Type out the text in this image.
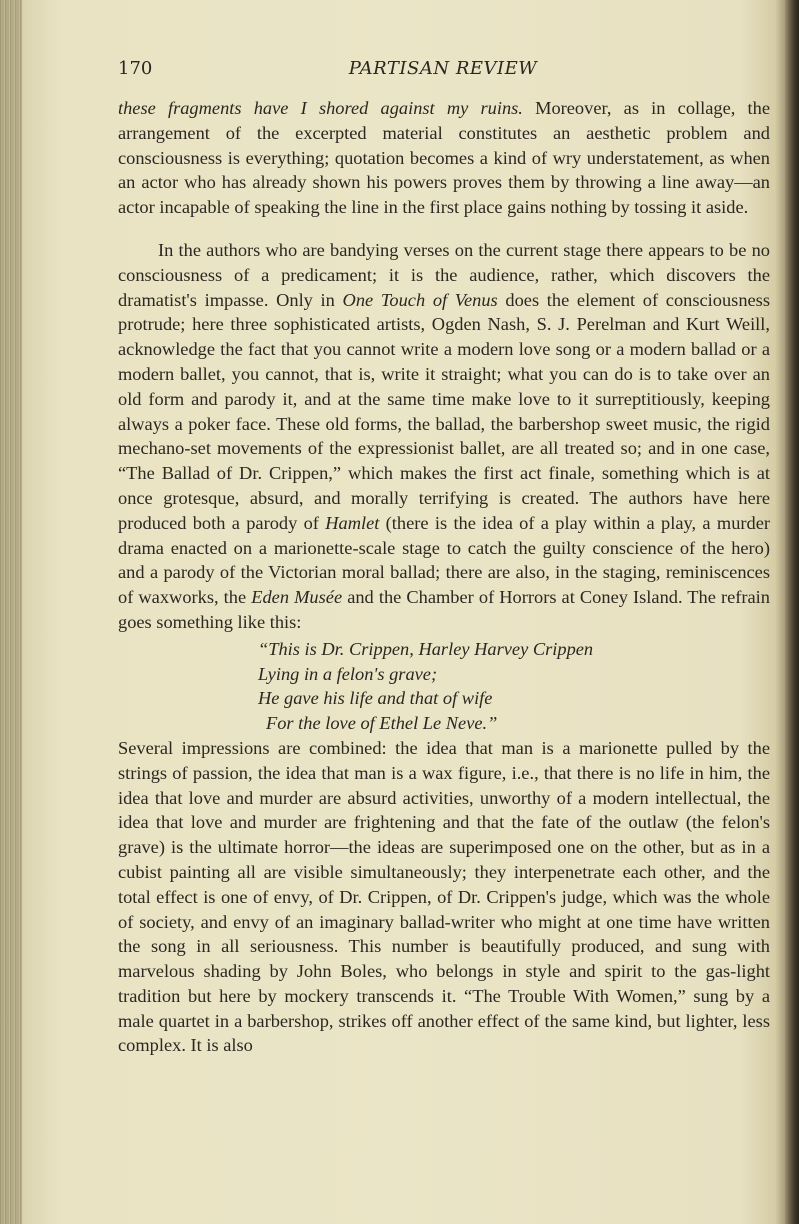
170	PARTISAN REVIEW

these fragments have I shored against my ruins. Moreover, as in collage, the arrangement of the excerpted material constitutes an aesthetic problem and consciousness is everything; quotation becomes a kind of wry understatement, as when an actor who has already shown his powers proves them by throwing a line away—an actor incapable of speaking the line in the first place gains nothing by tossing it aside.

In the authors who are bandying verses on the current stage there appears to be no consciousness of a predicament; it is the audience, rather, which discovers the dramatist's impasse. Only in One Touch of Venus does the element of consciousness protrude; here three sophisticated artists, Ogden Nash, S. J. Perelman and Kurt Weill, acknowledge the fact that you cannot write a modern love song or a modern ballad or a modern ballet, you cannot, that is, write it straight; what you can do is to take over an old form and parody it, and at the same time make love to it surreptitiously, keeping always a poker face. These old forms, the ballad, the barbershop sweet music, the rigid mechano-set movements of the expressionist ballet, are all treated so; and in one case, “The Ballad of Dr. Crippen,” which makes the first act finale, something which is at once grotesque, absurd, and morally terrifying is created. The authors have here produced both a parody of Hamlet (there is the idea of a play within a play, a murder drama enacted on a marionette-scale stage to catch the guilty conscience of the hero) and a parody of the Victorian moral ballad; there are also, in the staging, reminiscences of waxworks, the Eden Musée and the Chamber of Horrors at Coney Island. The refrain goes something like this:

“This is Dr. Crippen, Harley Harvey Crippen
Lying in a felon's grave;
He gave his life and that of wife
For the love of Ethel Le Neve.”

Several impressions are combined: the idea that man is a marionette pulled by the strings of passion, the idea that man is a wax figure, i.e., that there is no life in him, the idea that love and murder are absurd activities, unworthy of a modern intellectual, the idea that love and murder are frightening and that the fate of the outlaw (the felon's grave) is the ultimate horror—the ideas are superimposed one on the other, but as in a cubist painting all are visible simultaneously; they interpenetrate each other, and the total effect is one of envy, of Dr. Crippen, of Dr. Crippen's judge, which was the whole of society, and envy of an imaginary ballad-writer who might at one time have written the song in all seriousness. This number is beautifully produced, and sung with marvelous shading by John Boles, who belongs in style and spirit to the gas-light tradition but here by mockery transcends it. “The Trouble With Women,” sung by a male quartet in a barbershop, strikes off another effect of the same kind, but lighter, less complex. It is also
